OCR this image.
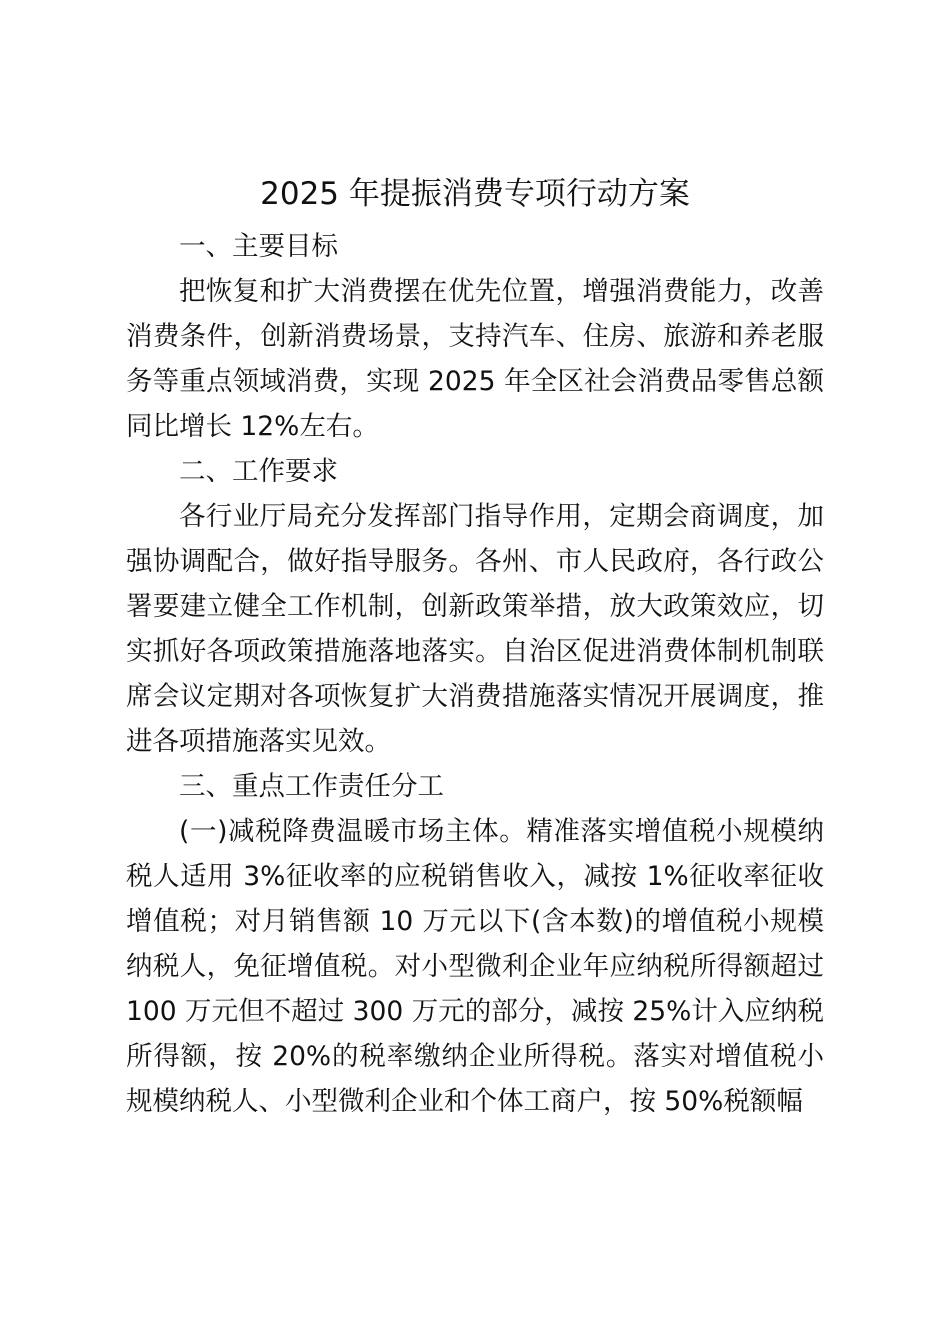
2025 年提振消费专项行动方案
一、主要目标

把恢复和扩大消费摆在优先位置，增强消费能力，改善消费条件，创新消费场景，支持汽车、住房、旅游和养老服务等重点领域消费，实现 2025 年全区社会消费品零售总额同比增长 12%左右。

二、工作要求

各行业厅局充分发挥部门指导作用，定期会商调度，加强协调配合，做好指导服务。各州、市人民政府，各行政公署要建立健全工作机制，创新政策举措，放大政策效应，切实抓好各项政策措施落地落实。自治区促进消费体制机制联席会议定期对各项恢复扩大消费措施落实情况开展调度，推进各项措施落实见效。

三、重点工作责任分工

(一)减税降费温暖市场主体。精准落实增值税小规模纳税人适用 3%征收率的应税销售收入，减按 1%征收率征收增值税；对月销售额 10 万元以下(含本数)的增值税小规模纳税人，免征增值税。对小型微利企业年应纳税所得额超过 100 万元但不超过 300 万元的部分，减按 25%计入应纳税所得额，按 20%的税率缴纳企业所得税。落实对增值税小规模纳税人、小型微利企业和个体工商户，按 50%税额幅
